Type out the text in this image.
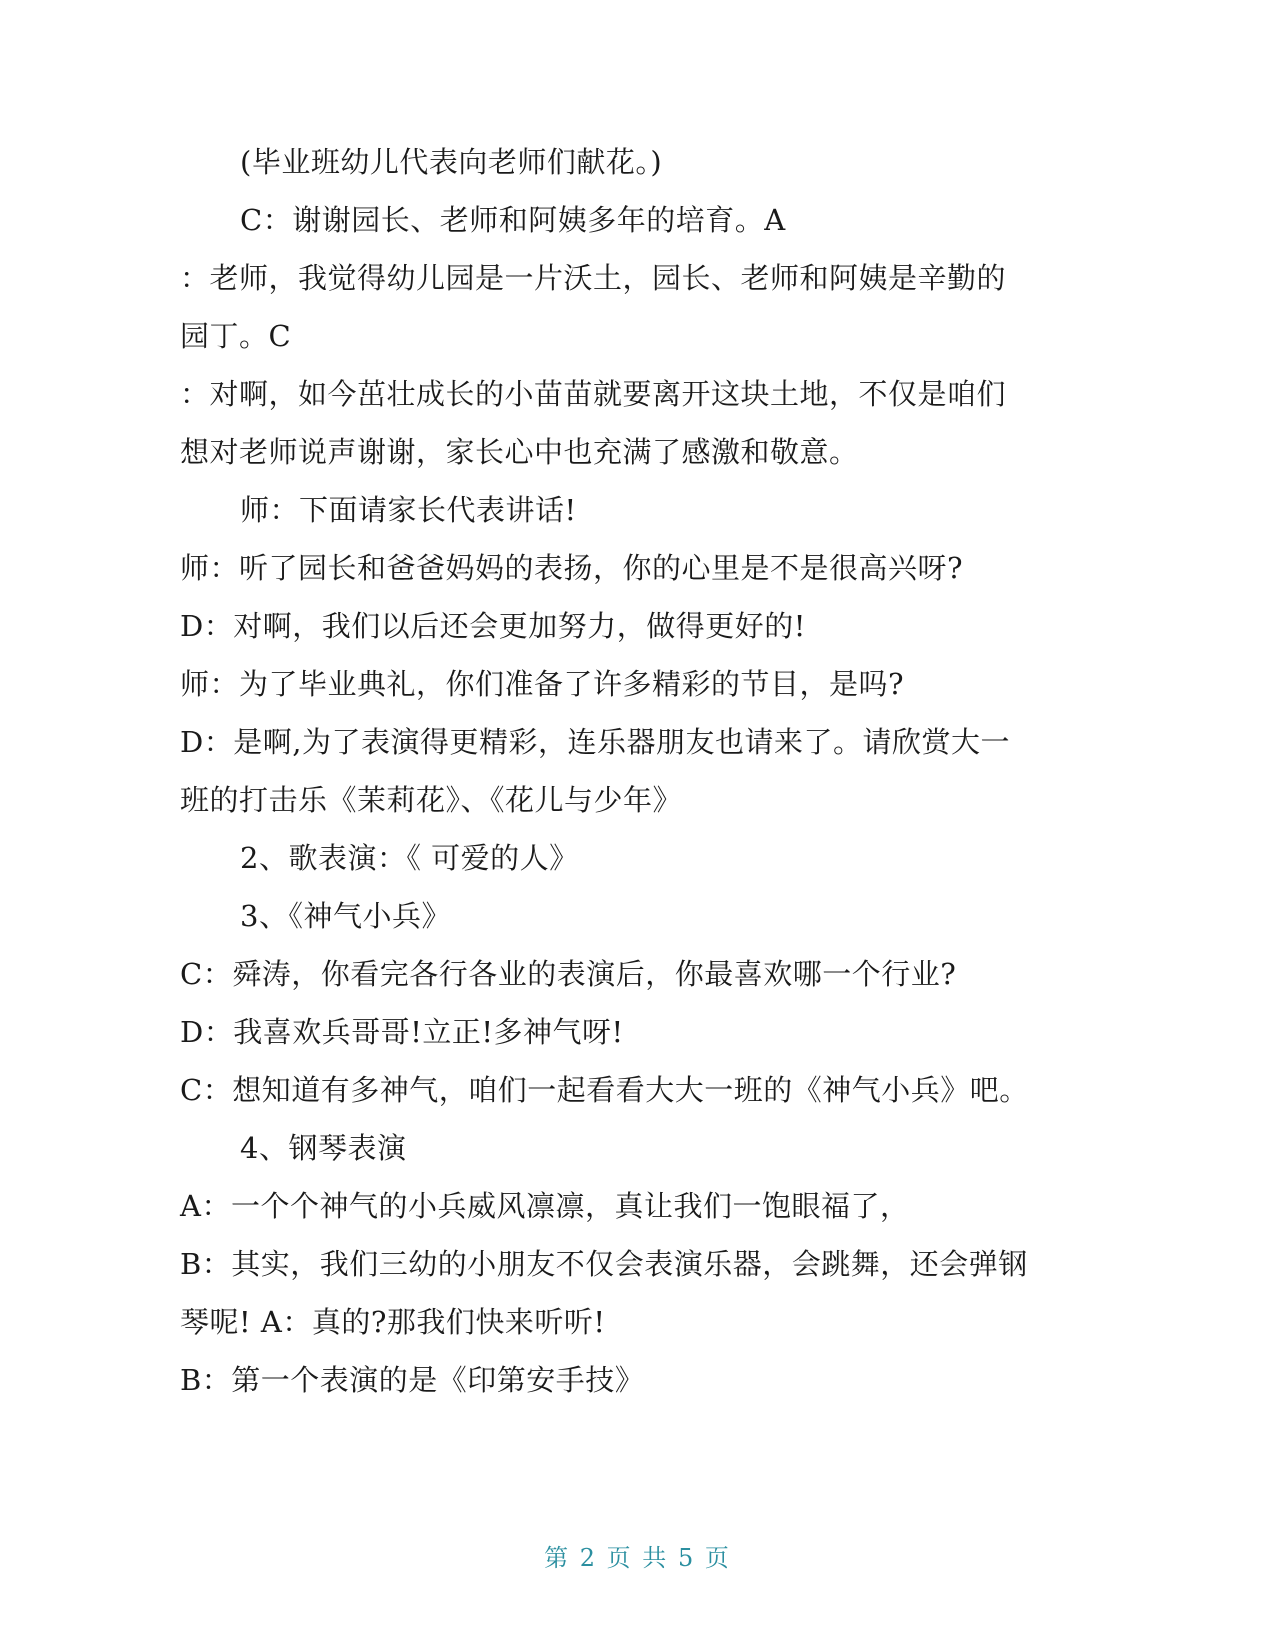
(毕业班幼儿代表向老师们献花。)
C：谢谢园长、老师和阿姨多年的培育。A
：老师，我觉得幼儿园是一片沃土，园长、老师和阿姨是辛勤的
园丁。C
：对啊，如今茁壮成长的小苗苗就要离开这块土地，不仅是咱们
想对老师说声谢谢，家长心中也充满了感激和敬意。
师：下面请家长代表讲话!
师：听了园长和爸爸妈妈的表扬，你的心里是不是很高兴呀?
D：对啊，我们以后还会更加努力，做得更好的!
师：为了毕业典礼，你们准备了许多精彩的节目，是吗?
D：是啊,为了表演得更精彩，连乐器朋友也请来了。请欣赏大一
班的打击乐《茉莉花》、《花儿与少年》
2、歌表演：《 可爱的人》
3、《神气小兵》
C：舜涛，你看完各行各业的表演后，你最喜欢哪一个行业?
D：我喜欢兵哥哥!立正!多神气呀!
C：想知道有多神气，咱们一起看看大大一班的《神气小兵》吧。
4、钢琴表演
A：一个个神气的小兵威风凛凛，真让我们一饱眼福了，
B：其实，我们三幼的小朋友不仅会表演乐器，会跳舞，还会弹钢
琴呢! A：真的?那我们快来听听!
B：第一个表演的是《印第安手技》
第 2 页 共 5 页
